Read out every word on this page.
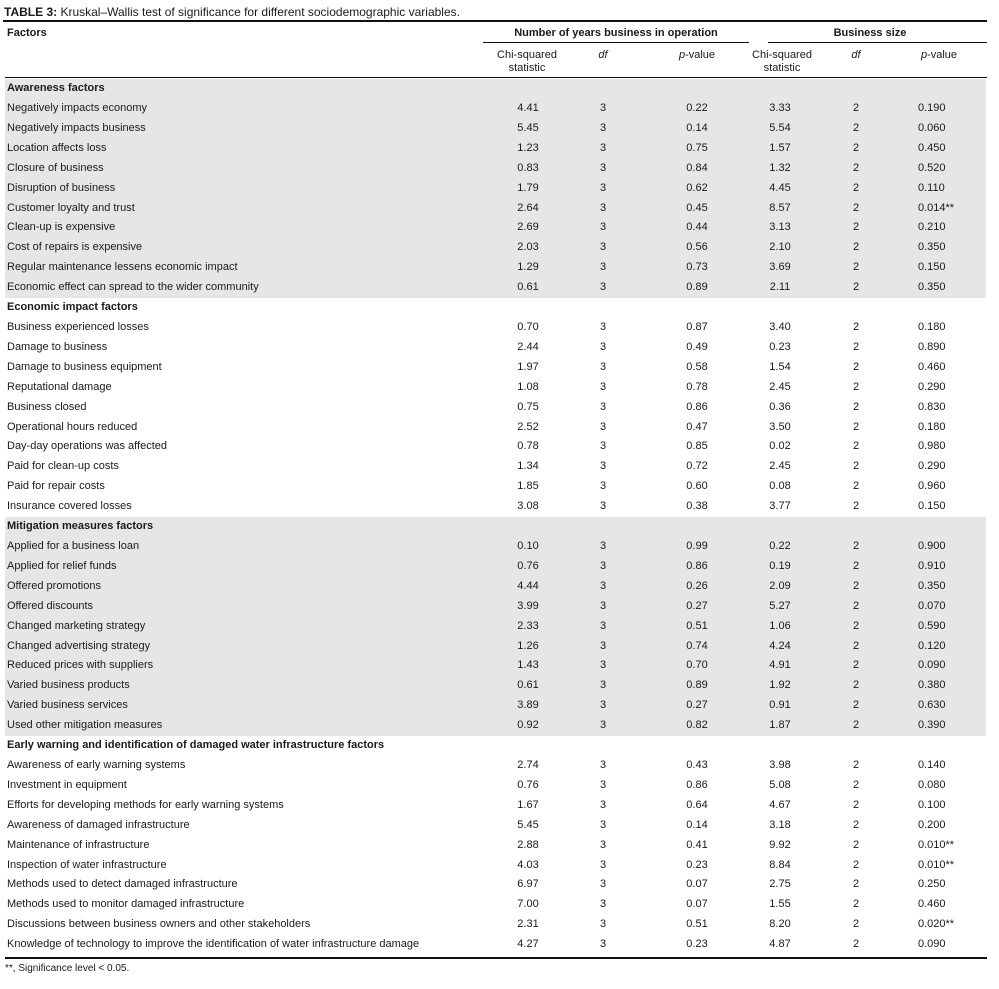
TABLE 3: Kruskal–Wallis test of significance for different sociodemographic variables.
Factors	Number of years business in operation	Business size
Chi-squared
statistic
df	p-value	Chi-squared
statistic
df	p-value
Awareness factors
Negatively impacts economy	4.41	3	0.22	3.33	2	0.190
Negatively impacts business	5.45	3	0.14	5.54	2	0.060
Location affects loss	1.23	3	0.75	1.57	2	0.450
Closure of business	0.83	3	0.84	1.32	2	0.520
Disruption of business	1.79	3	0.62	4.45	2	0.110
Customer loyalty and trust	2.64	3	0.45	8.57	2	0.014**
Clean-up is expensive	2.69	3	0.44	3.13	2	0.210
Cost of repairs is expensive	2.03	3	0.56	2.10	2	0.350
Regular maintenance lessens economic impact	1.29	3	0.73	3.69	2	0.150
Economic effect can spread to the wider community	0.61	3	0.89	2.11	2	0.350
Economic impact factors
Business experienced losses	0.70	3	0.87	3.40	2	0.180
Damage to business	2.44	3	0.49	0.23	2	0.890
Damage to business equipment	1.97	3	0.58	1.54	2	0.460
Reputational damage	1.08	3	0.78	2.45	2	0.290
Business closed	0.75	3	0.86	0.36	2	0.830
Operational hours reduced	2.52	3	0.47	3.50	2	0.180
Day-day operations was affected	0.78	3	0.85	0.02	2	0.980
Paid for clean-up costs	1.34	3	0.72	2.45	2	0.290
Paid for repair costs	1.85	3	0.60	0.08	2	0.960
Insurance covered losses	3.08	3	0.38	3.77	2	0.150
Mitigation measures factors
Applied for a business loan	0.10	3	0.99	0.22	2	0.900
Applied for relief funds	0.76	3	0.86	0.19	2	0.910
Offered promotions	4.44	3	0.26	2.09	2	0.350
Offered discounts	3.99	3	0.27	5.27	2	0.070
Changed marketing strategy	2.33	3	0.51	1.06	2	0.590
Changed advertising strategy	1.26	3	0.74	4.24	2	0.120
Reduced prices with suppliers	1.43	3	0.70	4.91	2	0.090
Varied business products	0.61	3	0.89	1.92	2	0.380
Varied business services	3.89	3	0.27	0.91	2	0.630
Used other mitigation measures	0.92	3	0.82	1.87	2	0.390
Early warning and identification of damaged water infrastructure factors
Awareness of early warning systems	2.74	3	0.43	3.98	2	0.140
Investment in equipment	0.76	3	0.86	5.08	2	0.080
Efforts for developing methods for early warning systems	1.67	3	0.64	4.67	2	0.100
Awareness of damaged infrastructure	5.45	3	0.14	3.18	2	0.200
Maintenance of infrastructure	2.88	3	0.41	9.92	2	0.010**
Inspection of water infrastructure	4.03	3	0.23	8.84	2	0.010**
Methods used to detect damaged infrastructure	6.97	3	0.07	2.75	2	0.250
Methods used to monitor damaged infrastructure	7.00	3	0.07	1.55	2	0.460
Discussions between business owners and other stakeholders	2.31	3	0.51	8.20	2	0.020**
Knowledge of technology to improve the identification of water infrastructure damage	4.27	3	0.23	4.87	2	0.090
**, Significance level < 0.05.
